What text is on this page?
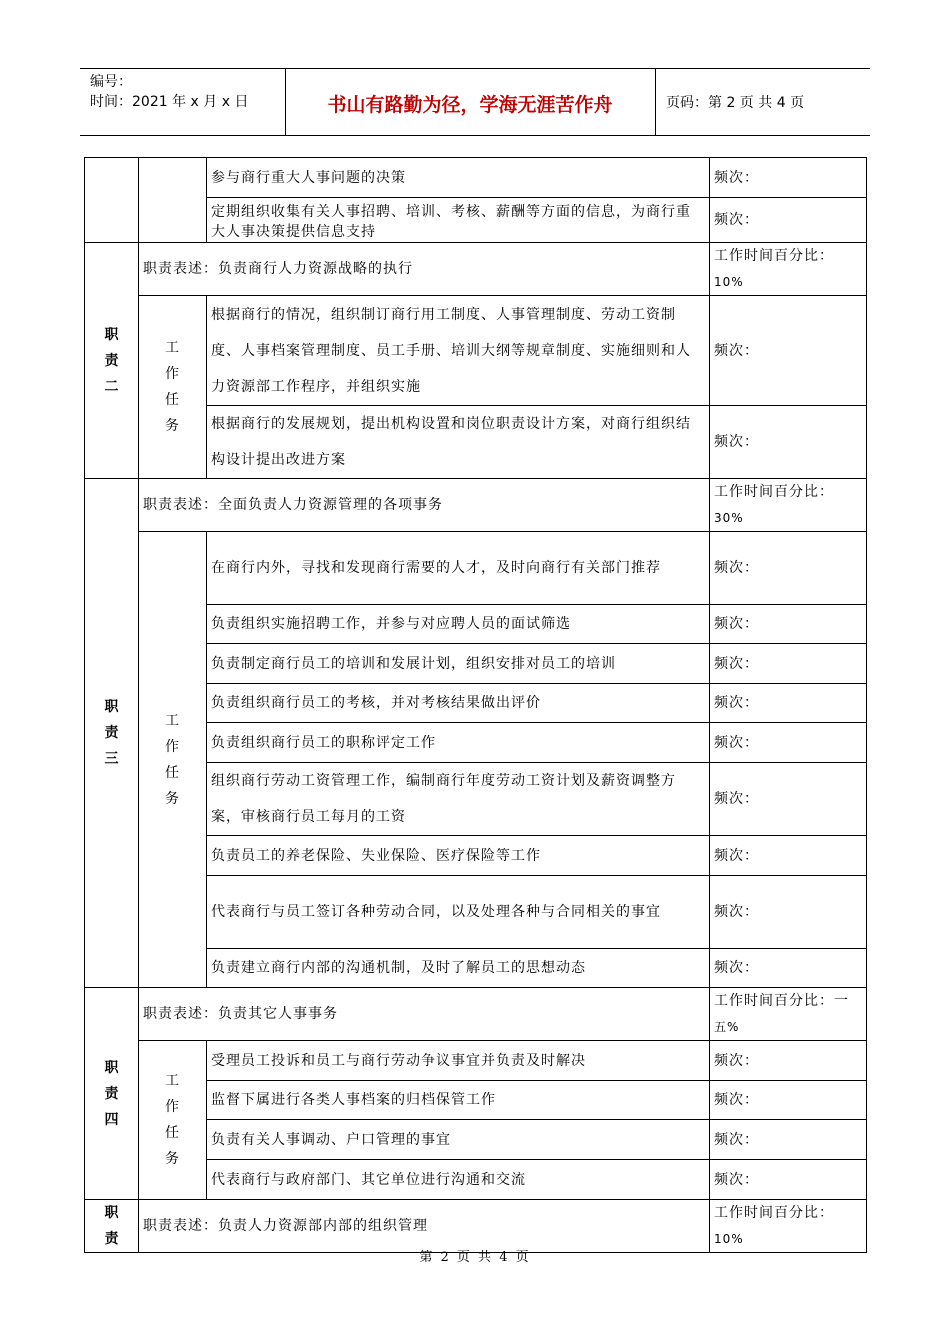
编号：
时间：2021 年 x 月 x 日	书山有路勤为径，学海无涯苦作舟	页码：第 2 页 共 4 页
		参与商行重大人事问题的决策	频次：
		定期组织收集有关人事招聘、培训、考核、薪酬等方面的信息，为商行重大人事决策提供信息支持	频次：

职责二	职责表述：负责商行人力资源战略的执行		工作时间百分比：
10%

	工作任务	根据商行的情况，组织制订商行用工制度、人事管理制度、劳动工资制度、人事档案管理制度、员工手册、培训大纲等规章制度、实施细则和人力资源部工作程序，并组织实施	频次：
		根据商行的发展规划，提出机构设置和岗位职责设计方案，对商行组织结构设计提出改进方案	频次：

职责三	职责表述：全面负责人力资源管理的各项事务		工作时间百分比：
30%

	工作任务	在商行内外，寻找和发现商行需要的人才，及时向商行有关部门推荐	频次：
		负责组织实施招聘工作，并参与对应聘人员的面试筛选	频次：
		负责制定商行员工的培训和发展计划，组织安排对员工的培训	频次：
		负责组织商行员工的考核，并对考核结果做出评价	频次：
		负责组织商行员工的职称评定工作	频次：
		组织商行劳动工资管理工作，编制商行年度劳动工资计划及薪资调整方案，审核商行员工每月的工资	频次：
		负责员工的养老保险、失业保险、医疗保险等工作	频次：
		代表商行与员工签订各种劳动合同，以及处理各种与合同相关的事宜	频次：
		负责建立商行内部的沟通机制，及时了解员工的思想动态	频次：

职责四	职责表述：负责其它人事事务		工作时间百分比：一
五%

	工作任务	受理员工投诉和员工与商行劳动争议事宜并负责及时解决	频次：
		监督下属进行各类人事档案的归档保管工作	频次：
		负责有关人事调动、户口管理的事宜	频次：
		代表商行与政府部门、其它单位进行沟通和交流	频次：

职责	职责表述：负责人力资源部内部的组织管理		工作时间百分比：
10%
第 2 页 共 4 页
